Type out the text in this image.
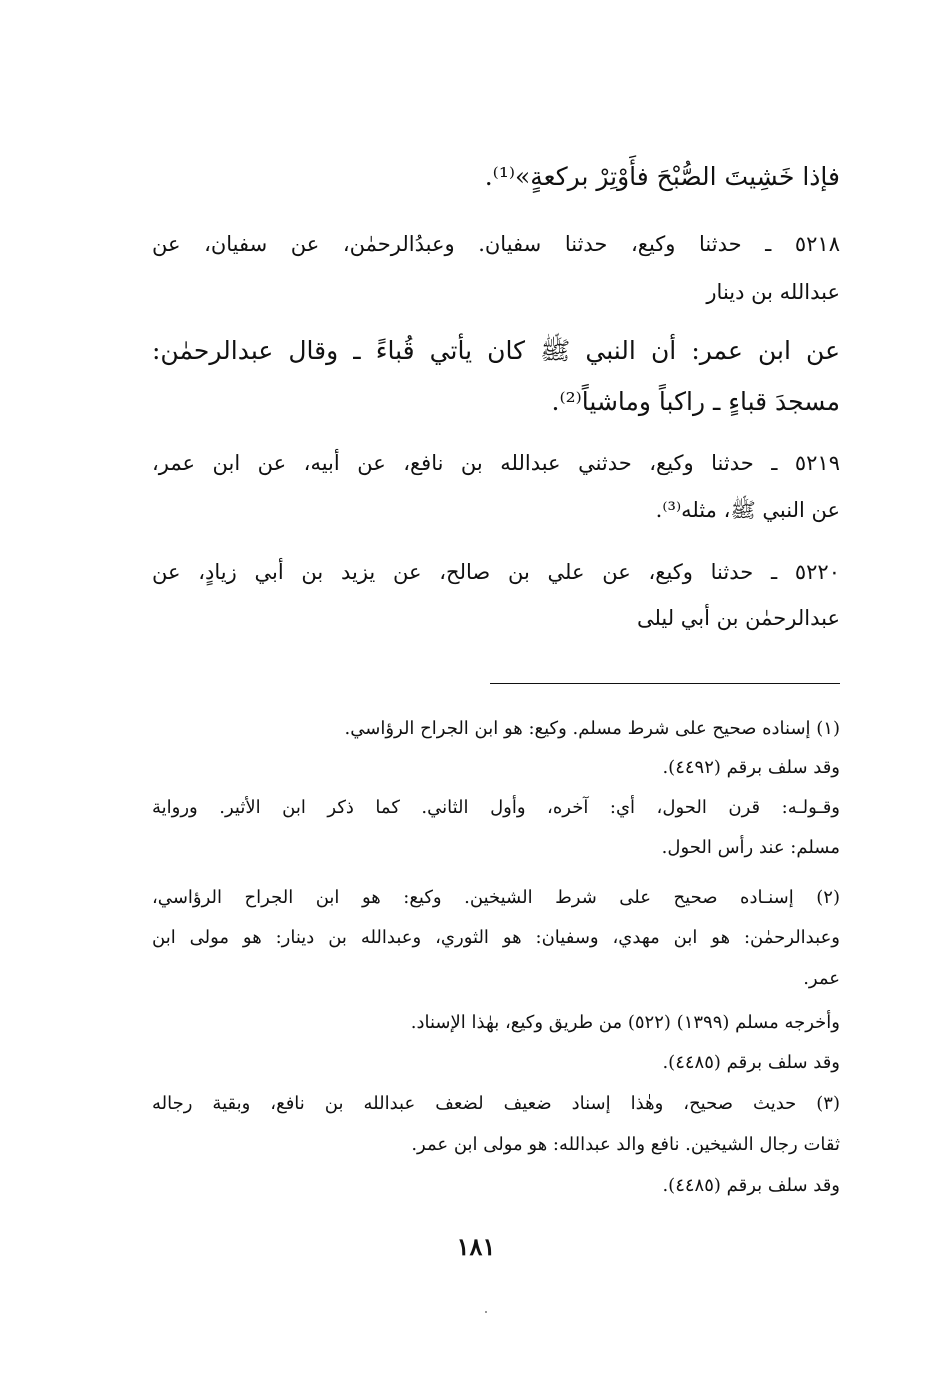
فإذا خَشِيتَ الصُّبْحَ فأَوْتِرْ بركعةٍ»⁽¹⁾.
٥٢١٨ ـ حدثنا وكيع، حدثنا سفيان. وعبدُالرحمٰن، عن سفيان، عن
عبدالله بن دينار
عن ابن عمر: أن النبي ﷺ كان يأتي قُباءً ـ وقال عبدالرحمٰن:
مسجدَ قباءٍ ـ راكباً وماشياً⁽²⁾.
٥٢١٩ ـ حدثنا وكيع، حدثني عبدالله بن نافع، عن أبيه، عن ابن عمر،
عن النبي ﷺ، مثله⁽³⁾.
٥٢٢٠ ـ حدثنا وكيع، عن علي بن صالح، عن يزيد بن أبي زيادٍ، عن
عبدالرحمٰن بن أبي ليلى
(١) إسناده صحيح على شرط مسلم. وكيع: هو ابن الجراح الرؤاسي.
وقد سلف برقم (٤٤٩٢).
وقـولـه: قرن الحول، أي: آخره، وأول الثاني. كما ذكر ابن الأثير. ورواية
مسلم: عند رأس الحول.
(٢) إسنـاده صحيح على شرط الشيخين. وكيع: هو ابن الجراح الرؤاسي،
وعبدالرحمٰن: هو ابن مهدي، وسفيان: هو الثوري، وعبدالله بن دينار: هو مولى ابن
عمر.
وأخرجه مسلم (١٣٩٩) (٥٢٢) من طريق وكيع، بهٰذا الإسناد.
وقد سلف برقم (٤٤٨٥).
(٣) حديث صحيح، وهٰذا إسناد ضعيف لضعف عبدالله بن نافع، وبقية رجاله
ثقات رجال الشيخين. نافع والد عبدالله: هو مولى ابن عمر.
وقد سلف برقم (٤٤٨٥).
١٨١
